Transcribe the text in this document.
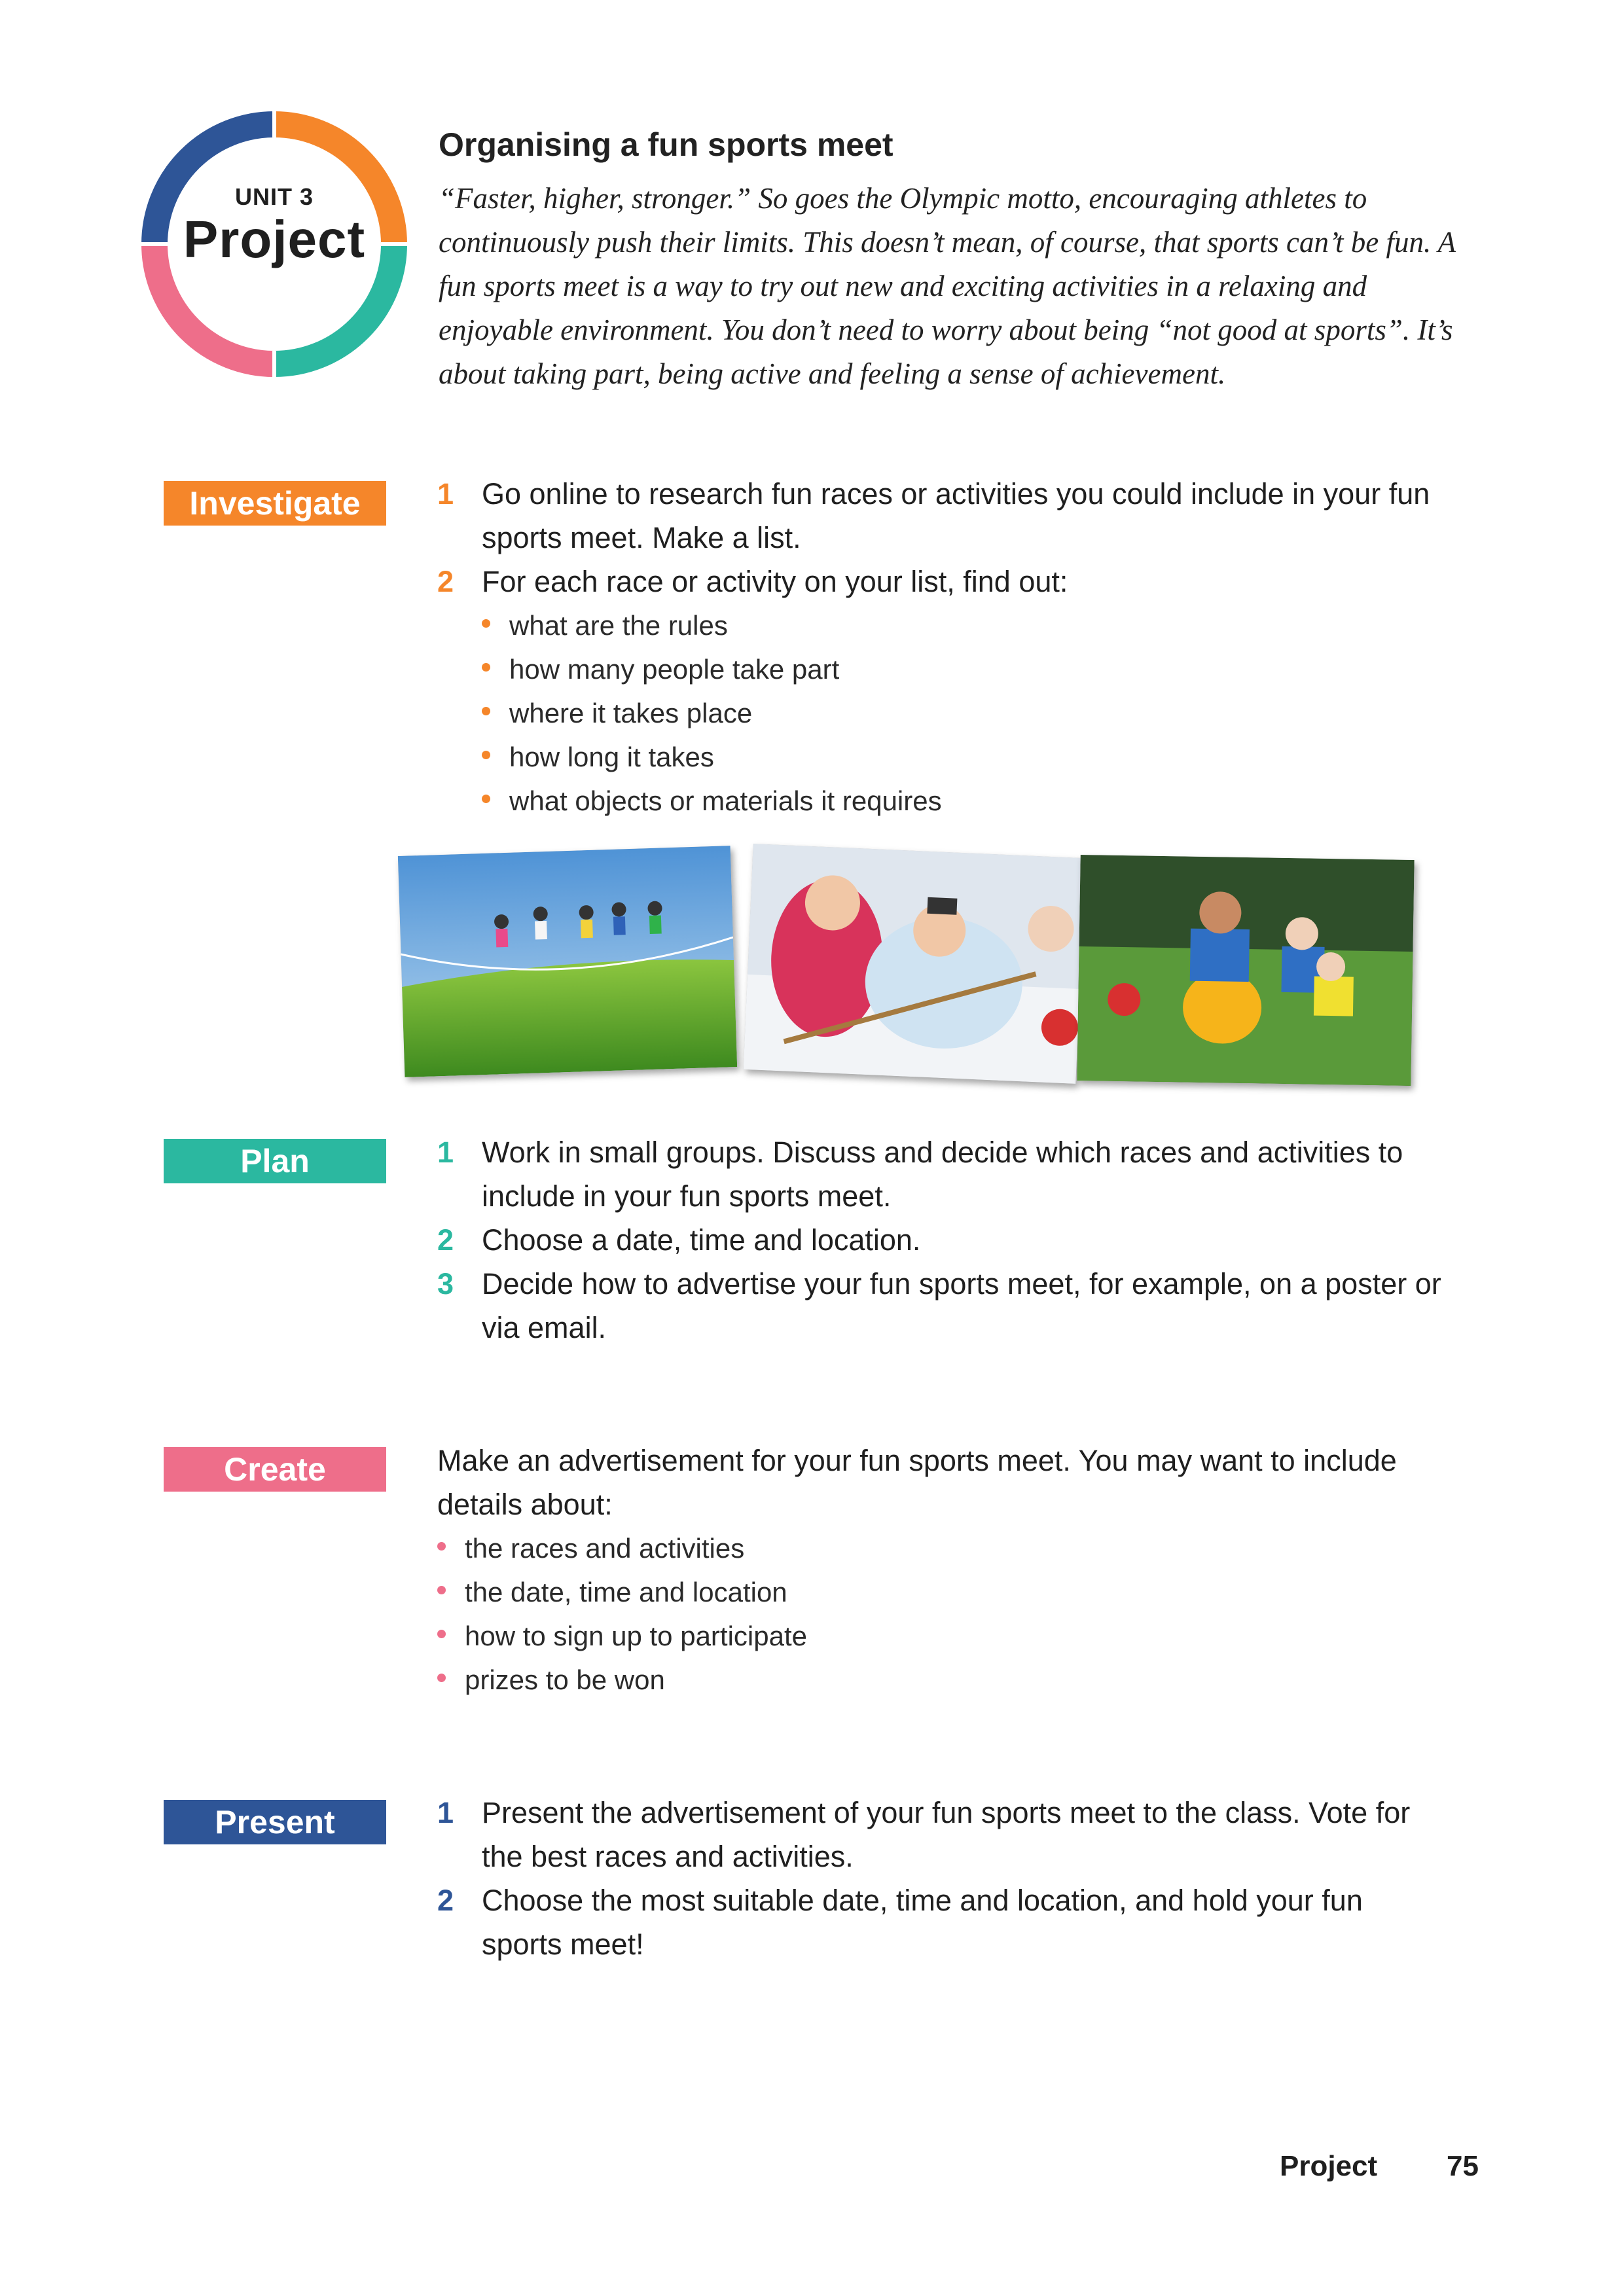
UNIT 3
Project
Organising a fun sports meet

“Faster, higher, stronger.” So goes the Olympic motto, encouraging athletes to continuously push their limits. This doesn’t mean, of course, that sports can’t be fun. A fun sports meet is a way to try out new and exciting activities in a relaxing and enjoyable environment. You don’t need to worry about being “not good at sports”. It’s about taking part, being active and feeling a sense of achievement.

Investigate	1 Go online to research fun races or activities you could include in your fun sports meet. Make a list.
2 For each race or activity on your list, find out:
what are the rules
how many people take part
where it takes place
how long it takes
what objects or materials it requires
Plan	1 Work in small groups. Discuss and decide which races and activities to include in your fun sports meet.
2 Choose a date, time and location.
3 Decide how to advertise your fun sports meet, for example, on a poster or via email.
Create	Make an advertisement for your fun sports meet. You may want to include details about:
the races and activities
the date, time and location
how to sign up to participate
prizes to be won
Present	1 Present the advertisement of your fun sports meet to the class. Vote for the best races and activities.
2 Choose the most suitable date, time and location, and hold your fun sports meet!
Project 75
